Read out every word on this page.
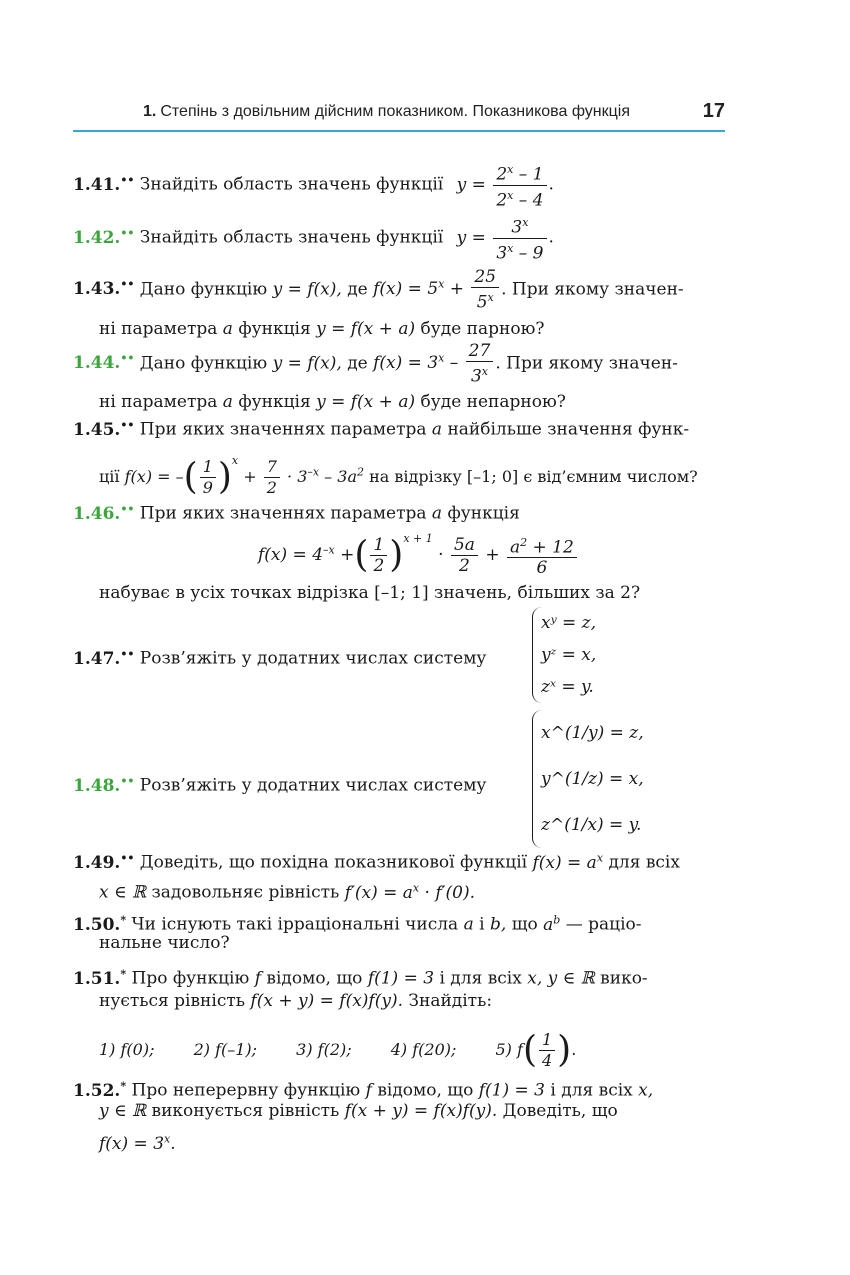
1. Степінь з довільним дійсним показником. Показникова функція	17
1.41.•• Знайдіть область значень функції $y = \frac{2^x - 1}{2^x - 4}$ .
1.42.•• Знайдіть область значень функції $y = \frac{3^x}{3^x - 9}$ .
1.43.•• Дано функцію y = f(x), де $f(x) = 5^x + \frac{25}{5^x}$ . При якому значен-
ні параметра a функція y = f(x + a) буде парною?
1.44.•• Дано функцію y = f(x), де $f(x) = 3^x - \frac{27}{3^x}$ . При якому значен-
ні параметра a функція y = f(x + a) буде непарною?
1.45.•• При яких значеннях параметра a найбільше значення функ-
ції f(x) = –( $\frac{1}{9} )^x + \frac{7}{2} \cdot 3^{-x} - 3a^2$ на відрізку [–1; 0] є від’ємним числом?
1.46.•• При яких значеннях параметра a функція
$f(x) = 4^{-x}$ +( $\frac{1}{2} )^{x + 1} \cdot \frac{5a}{2} + \frac{a^2 + 12}{6}$
набуває в усіх точках відрізка [–1; 1] значень, більших за 2?
1.47.•• Розв’яжіть у додатних числах систему
xʸ = z,
yᶻ = x,
zˣ = y.
1.48.•• Розв’яжіть у додатних числах систему
x^(1/y) = z,
y^(1/z) = x,
z^(1/x) = y.
1.49.•• Доведіть, що похідна показникової функції $f(x) = a^x$ для всіх
x ∈ ℝ задовольняє рівність $f'(x) = a^x \cdot f'(0)$.
1.50.* Чи існують такі ірраціональні числа a і b, що $a^b$ — раціо-
нальне число?
1.51.* Про функцію f відомо, що f(1) = 3 і для всіх x, y ∈ ℝ вико-
нується рівність f(x + y) = f(x)f(y). Знайдіть:
1) f(0); 2) f(–1); 3) f(2); 4) f(20); 5) $f( \frac{1}{4}$ ).
1.52.* Про неперервну функцію f відомо, що f(1) = 3 і для всіх x,
y ∈ ℝ виконується рівність f(x + y) = f(x)f(y). Доведіть, що
$f(x) = 3^x$.
